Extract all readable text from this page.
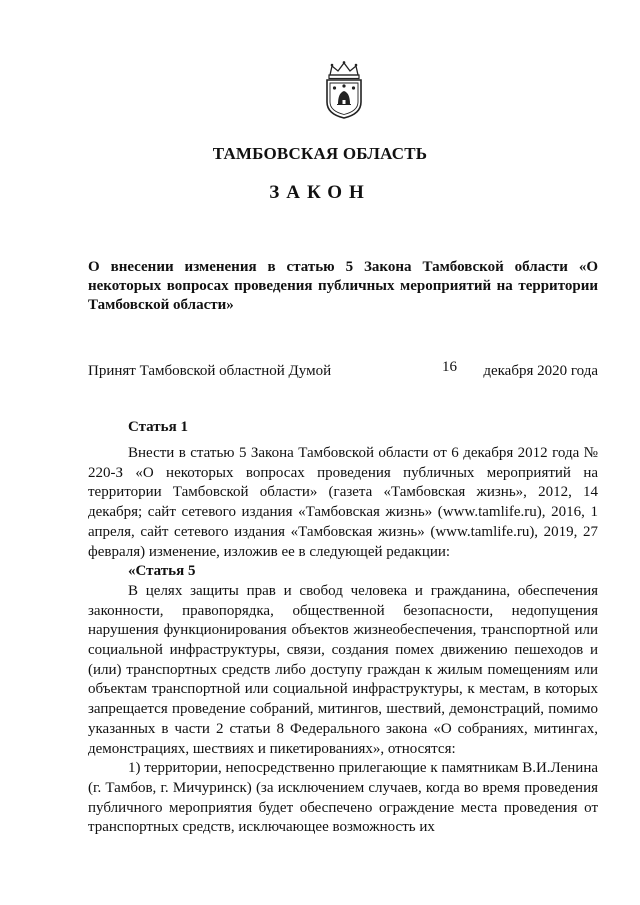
ТАМБОВСКАЯ ОБЛАСТЬ
ЗАКОН
О внесении изменения в статью 5 Закона Тамбовской области «О некоторых вопросах проведения публичных мероприятий на территории Тамбовской области»
Принят Тамбовской областной Думой	16 декабря 2020 года
Статья 1

Внести в статью 5 Закона Тамбовской области от 6 декабря 2012 года № 220-З «О некоторых вопросах проведения публичных мероприятий на территории Тамбовской области» (газета «Тамбовская жизнь», 2012, 14 декабря; сайт сетевого издания «Тамбовская жизнь» (www.tamlife.ru), 2016, 1 апреля, сайт сетевого издания «Тамбовская жизнь» (www.tamlife.ru), 2019, 27 февраля) изменение, изложив ее в следующей редакции:

«Статья 5

В целях защиты прав и свобод человека и гражданина, обеспечения законности, правопорядка, общественной безопасности, недопущения нарушения функционирования объектов жизнеобеспечения, транспортной или социальной инфраструктуры, связи, создания помех движению пешеходов и (или) транспортных средств либо доступу граждан к жилым помещениям или объектам транспортной или социальной инфраструктуры, к местам, в которых запрещается проведение собраний, митингов, шествий, демонстраций, помимо указанных в части 2 статьи 8 Федерального закона «О собраниях, митингах, демонстрациях, шествиях и пикетированиях», относятся:

1) территории, непосредственно прилегающие к памятникам В.И.Ленина (г. Тамбов, г. Мичуринск) (за исключением случаев, когда во время проведения публичного мероприятия будет обеспечено ограждение места проведения от транспортных средств, исключающее возможность их
